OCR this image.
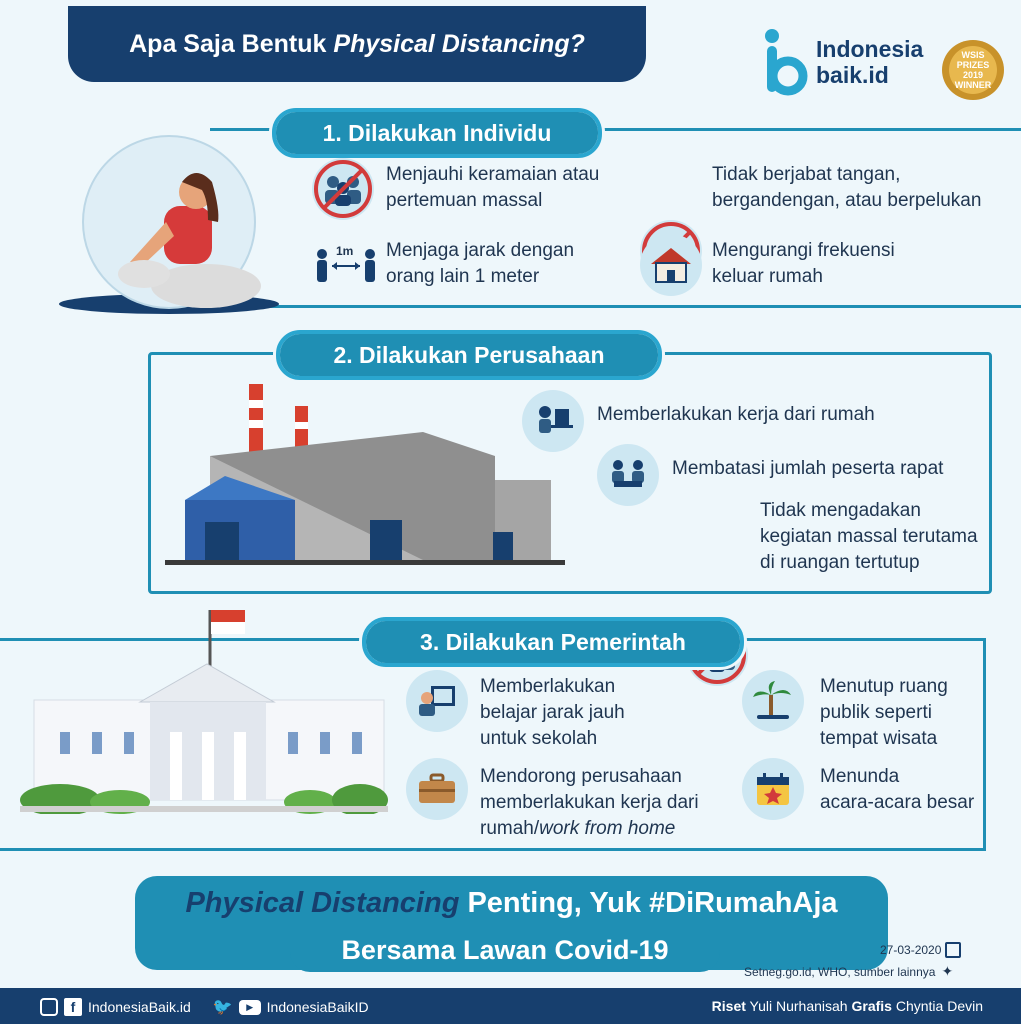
Apa Saja Bentuk Physical Distancing?	Indonesia
baik.id
WSIS
PRIZES
2019
WINNER
1. Dilakukan Individu
Menjauhi keramaian atau
pertemuan massal
Tidak berjabat tangan,
bergandengan, atau berpelukan
1m Menjaga jarak dengan
orang lain 1 meter
Mengurangi frekuensi
keluar rumah
2. Dilakukan Perusahaan
Memberlakukan kerja dari rumah
Membatasi jumlah peserta rapat
Tidak mengadakan
kegiatan massal terutama
di ruangan tertutup
3. Dilakukan Pemerintah
Memberlakukan
belajar jarak jauh
untuk sekolah
Menutup ruang
publik seperti
tempat wisata
Mendorong perusahaan
memberlakukan kerja dari
rumah/work from home
Menunda
acara-acara besar
Physical Distancing Penting, Yuk #DiRumahAja
Bersama Lawan Covid-19	27-03-2020
Setneg.go.id, WHO, sumber lainnya ✦
f IndonesiaBaik.id 🐦	▶ IndonesiaBaikID	Riset Yuli Nurhanisah Grafis Chyntia Devin
